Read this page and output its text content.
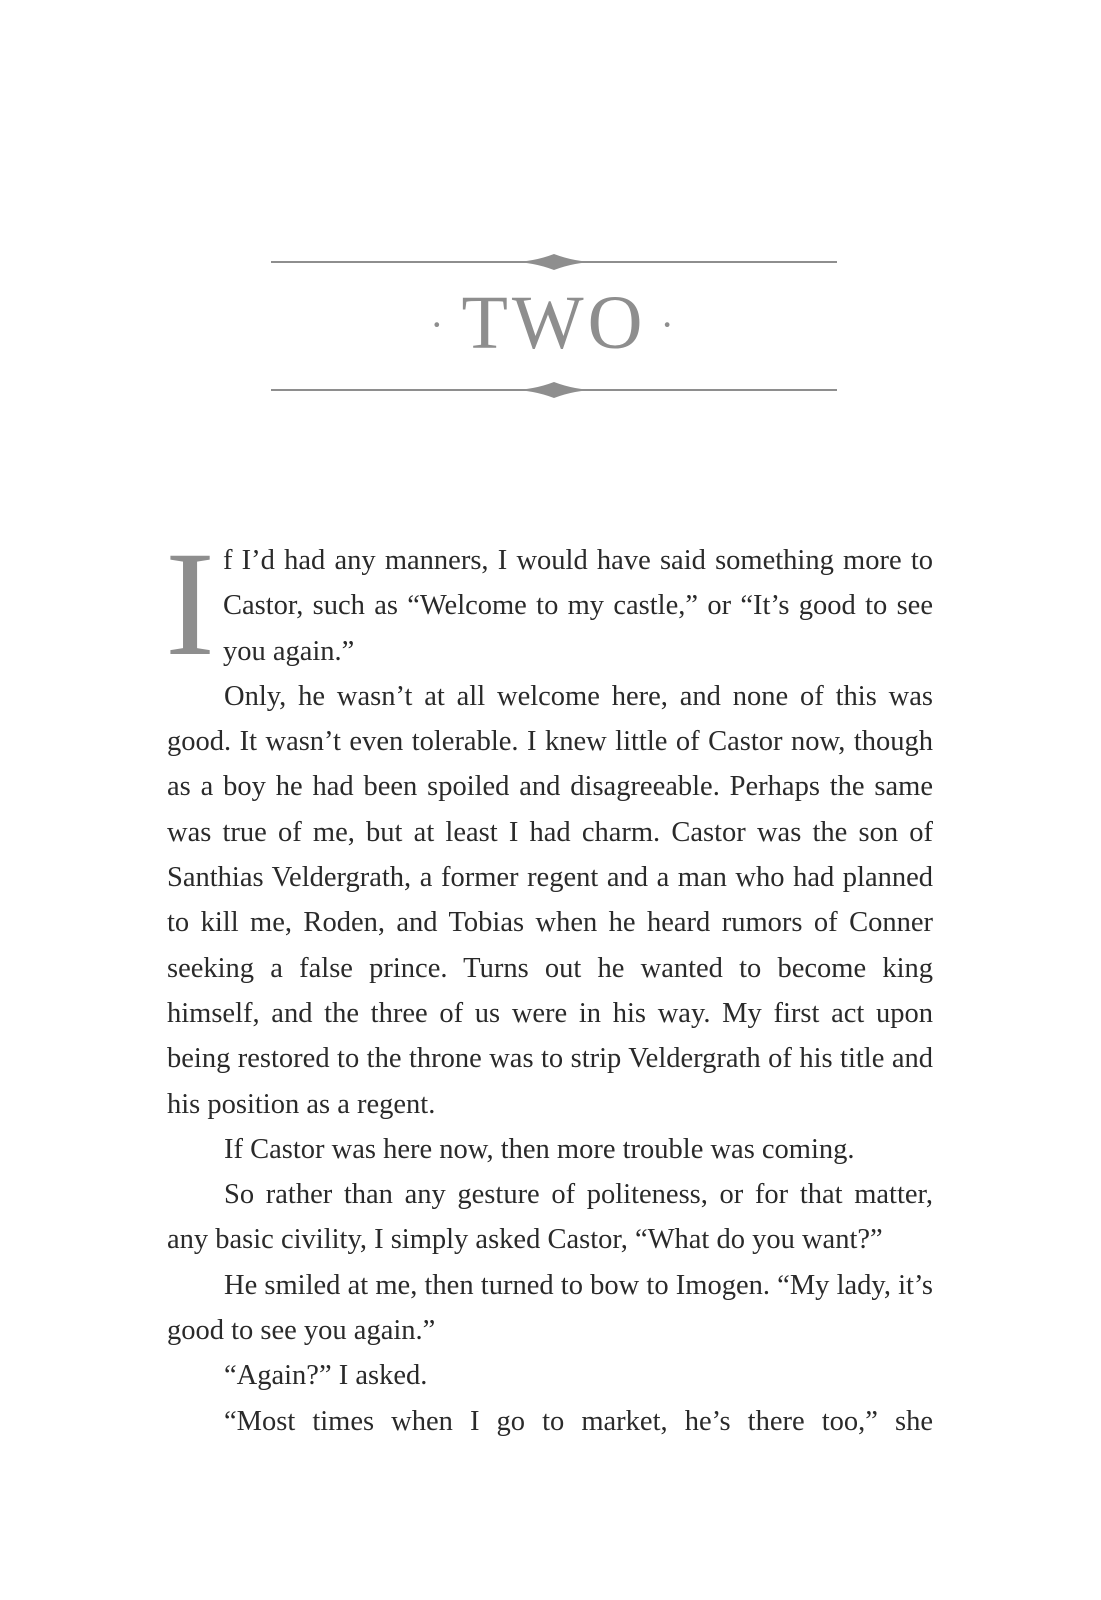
· TWO ·

If I’d had any manners, I would have said something more to Castor, such as “Welcome to my castle,” or “It’s good to see you again.”

Only, he wasn’t at all welcome here, and none of this was good. It wasn’t even tolerable. I knew little of Castor now, though as a boy he had been spoiled and disagreeable. Perhaps the same was true of me, but at least I had charm. Castor was the son of Santhias Veldergrath, a former regent and a man who had planned to kill me, Roden, and Tobias when he heard rumors of Conner seeking a false prince. Turns out he wanted to become king himself, and the three of us were in his way. My first act upon being restored to the throne was to strip Veldergrath of his title and his position as a regent.

If Castor was here now, then more trouble was coming.

So rather than any gesture of politeness, or for that matter, any basic civility, I simply asked Castor, “What do you want?”

He smiled at me, then turned to bow to Imogen. “My lady, it’s good to see you again.”

“Again?” I asked.

“Most times when I go to market, he’s there too,” she
